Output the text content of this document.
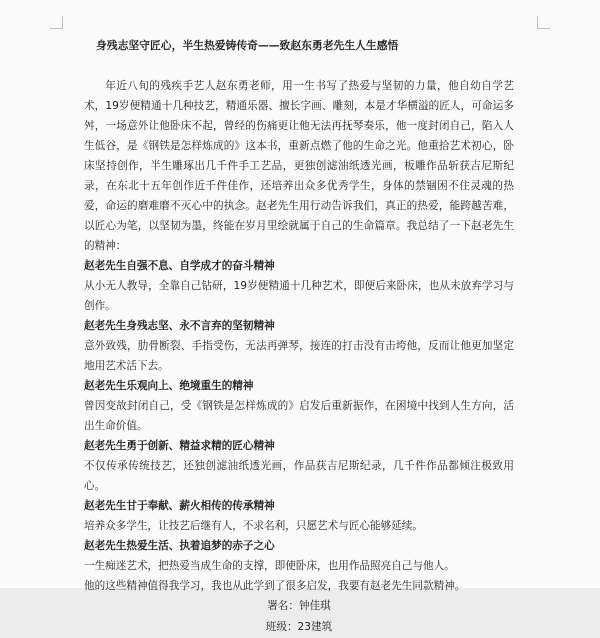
身残志坚守匠心，半生热爱铸传奇——致赵东勇老先生人生感悟

年近八旬的残疾手艺人赵东勇老师，用一生书写了热爱与坚韧的力量，他自幼自学艺术，19岁便精通十几种技艺，精通乐器、擅长字画、雕刻，本是才华横溢的匠人，可命运多舛，一场意外让他卧床不起，曾经的伤痛更让他无法再抚琴奏乐，他一度封闭自己，陷入人生低谷，是《钢铁是怎样炼成的》这本书，重新点燃了他的生命之光。他重拾艺术初心，卧床坚持创作，半生雕琢出几千件手工艺品，更独创滤油纸透光画，板雕作品斩获吉尼斯纪录，在东北十五年创作近千件佳作，还培养出众多优秀学生，身体的禁锢困不住灵魂的热爱，命运的磨难磨不灭心中的执念。赵老先生用行动告诉我们，真正的热爱，能跨越苦难，以匠心为笔，以坚韧为墨，终能在岁月里绘就属于自己的生命篇章。我总结了一下赵老先生的精神：

赵老先生自强不息、自学成才的奋斗精神

从小无人教导，全靠自己钻研，19岁便精通十几种艺术，即便后来卧床，也从未放弃学习与创作。

赵老先生身残志坚、永不言弃的坚韧精神

意外致残，肋骨断裂、手指受伤，无法再弹琴，接连的打击没有击垮他，反而让他更加坚定地用艺术活下去。

赵老先生乐观向上、绝境重生的精神

曾因变故封闭自己，受《钢铁是怎样炼成的》启发后重新振作，在困境中找到人生方向，活出生命价值。

赵老先生勇于创新、精益求精的匠心精神

不仅传承传统技艺，还独创滤油纸透光画，作品获吉尼斯纪录，几千件作品都倾注极致用心。

赵老先生甘于奉献、薪火相传的传承精神

培养众多学生，让技艺后继有人，不求名利，只愿艺术与匠心能够延续。

赵老先生热爱生活、执着追梦的赤子之心

一生痴迷艺术，把热爱当成生命的支撑，即使卧床，也用作品照亮自己与他人。

他的这些精神值得我学习，我也从此学到了很多启发，我要有赵老先生同款精神。

署名：钟佳琪

班级：23建筑
